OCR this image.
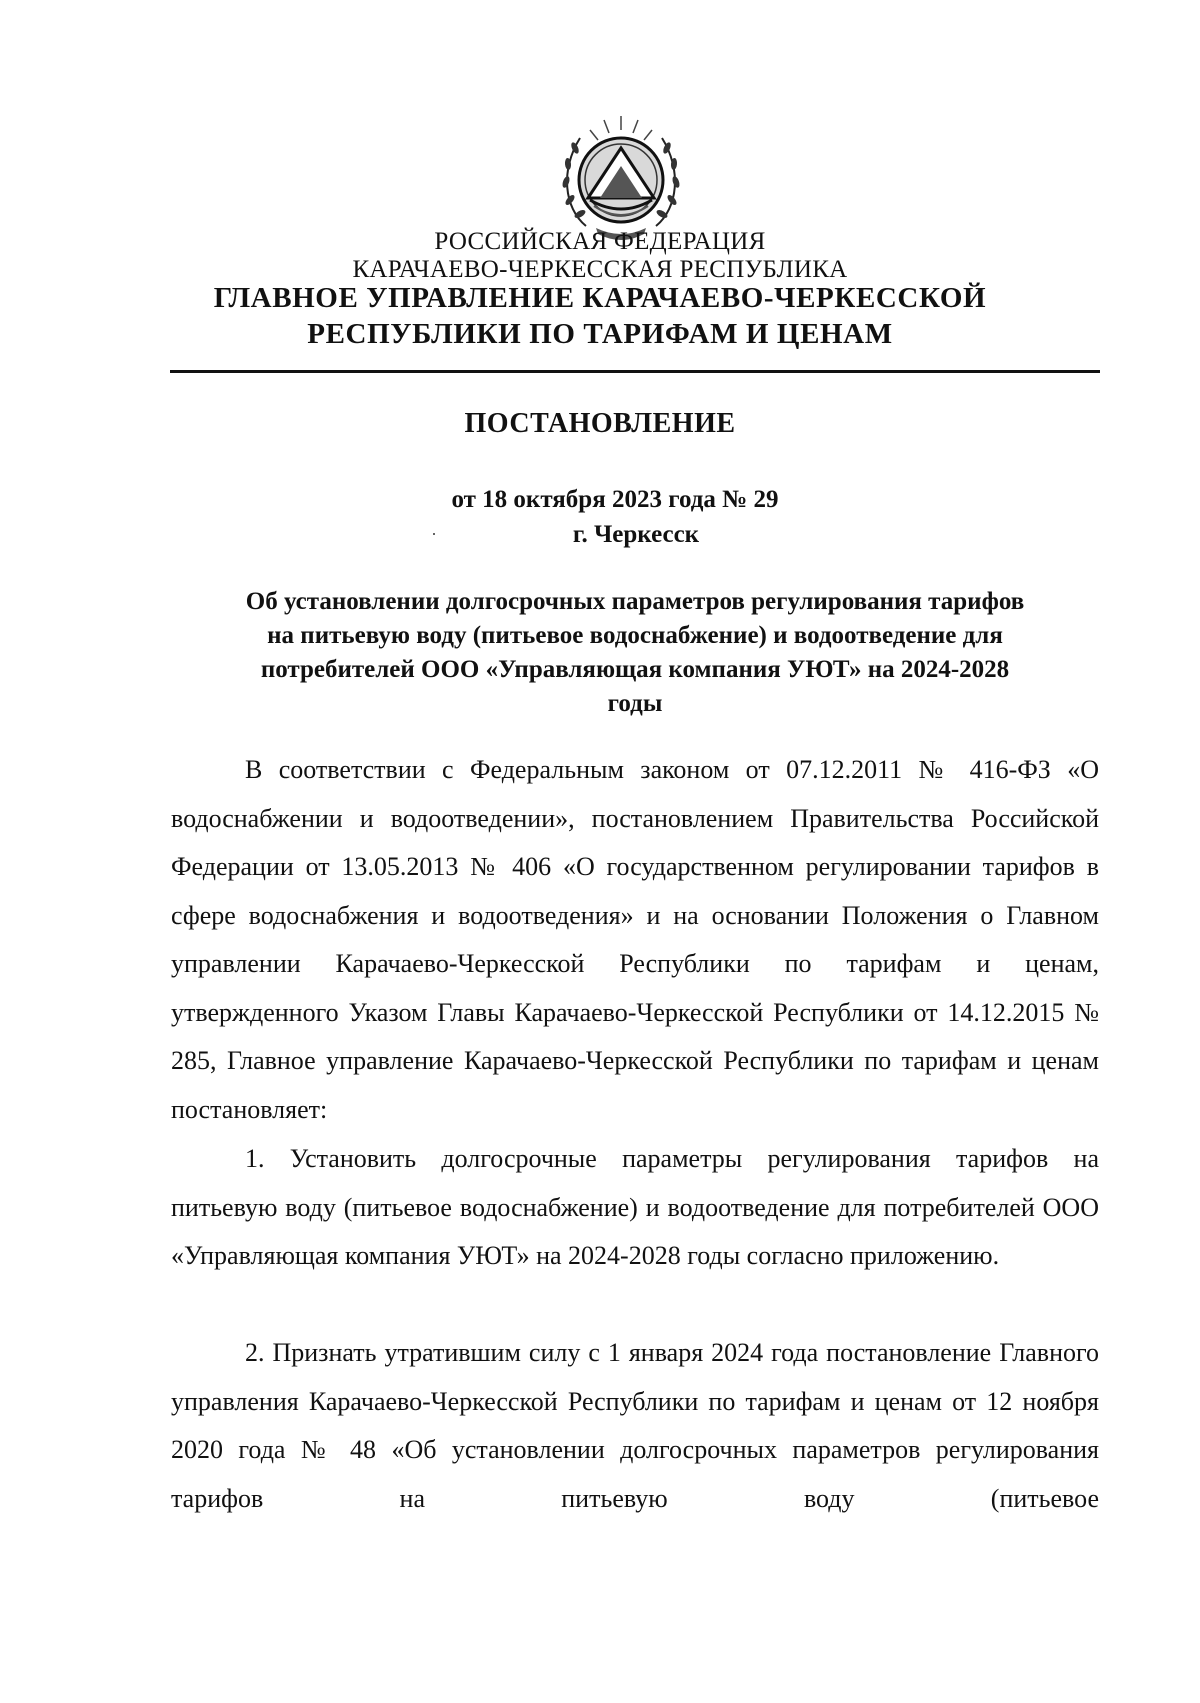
РОССИЙСКАЯ ФЕДЕРАЦИЯ
КАРАЧАЕВО-ЧЕРКЕССКАЯ РЕСПУБЛИКА
ГЛАВНОЕ УПРАВЛЕНИЕ КАРАЧАЕВО-ЧЕРКЕССКОЙ
РЕСПУБЛИКИ ПО ТАРИФАМ И ЦЕНАМ
ПОСТАНОВЛЕНИЕ
от 18 октября 2023 года № 29
г. Черкесск
Об установлении долгосрочных параметров регулирования тарифов
на питьевую воду (питьевое водоснабжение) и водоотведение для
потребителей ООО «Управляющая компания УЮТ» на 2024-2028
годы

В соответствии с Федеральным законом от 07.12.2011 № 416-ФЗ «О водоснабжении и водоотведении», постановлением Правительства Российской Федерации от 13.05.2013 № 406 «О государственном регулировании тарифов в сфере водоснабжения и водоотведения» и на основании Положения о Главном управлении Карачаево-Черкесской Республики по тарифам и ценам, утвержденного Указом Главы Карачаево-Черкесской Республики от 14.12.2015 № 285, Главное управление Карачаево-Черкесской Республики по тарифам и ценам постановляет:

1. Установить долгосрочные параметры регулирования тарифов на питьевую воду (питьевое водоснабжение) и водоотведение для потребителей ООО «Управляющая компания УЮТ» на 2024-2028 годы согласно приложению.

2. Признать утратившим силу с 1 января 2024 года постановление Главного управления Карачаево-Черкесской Республики по тарифам и ценам от 12 ноября 2020 года № 48 «Об установлении долгосрочных параметров регулирования тарифов на питьевую воду (питьевое
